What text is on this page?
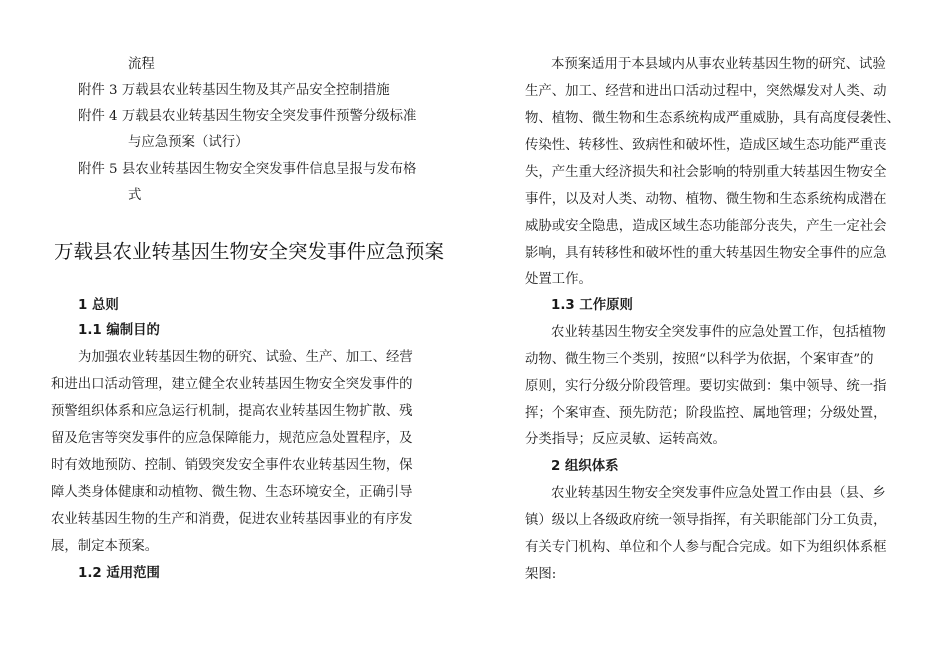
流程
附件 3 万载县农业转基因生物及其产品安全控制措施
附件 4 万载县农业转基因生物安全突发事件预警分级标准
与应急预案（试行）
附件 5 县农业转基因生物安全突发事件信息呈报与发布格
式
万载县农业转基因生物安全突发事件应急预案
1 总则
1.1 编制目的
为加强农业转基因生物的研究、试验、生产、加工、经营
和进出口活动管理，建立健全农业转基因生物安全突发事件的
预警组织体系和应急运行机制，提高农业转基因生物扩散、残
留及危害等突发事件的应急保障能力，规范应急处置程序，及
时有效地预防、控制、销毁突发安全事件农业转基因生物，保
障人类身体健康和动植物、微生物、生态环境安全，正确引导
农业转基因生物的生产和消费，促进农业转基因事业的有序发
展，制定本预案。
1.2 适用范围
本预案适用于本县域内从事农业转基因生物的研究、试验
生产、加工、经营和进出口活动过程中，突然爆发对人类、动
物、植物、微生物和生态系统构成严重威胁，具有高度侵袭性、
传染性、转移性、致病性和破坏性，造成区域生态功能严重丧
失，产生重大经济损失和社会影响的特别重大转基因生物安全
事件，以及对人类、动物、植物、微生物和生态系统构成潜在
威胁或安全隐患，造成区域生态功能部分丧失，产生一定社会
影响，具有转移性和破坏性的重大转基因生物安全事件的应急
处置工作。
1.3 工作原则
农业转基因生物安全突发事件的应急处置工作，包括植物
动物、微生物三个类别，按照“以科学为依据，个案审查”的
原则，实行分级分阶段管理。要切实做到：集中领导、统一指
挥；个案审查、预先防范；阶段监控、属地管理；分级处置，
分类指导；反应灵敏、运转高效。
2 组织体系
农业转基因生物安全突发事件应急处置工作由县（县、乡
镇）级以上各级政府统一领导指挥，有关职能部门分工负责，
有关专门机构、单位和个人参与配合完成。如下为组织体系框
架图:
